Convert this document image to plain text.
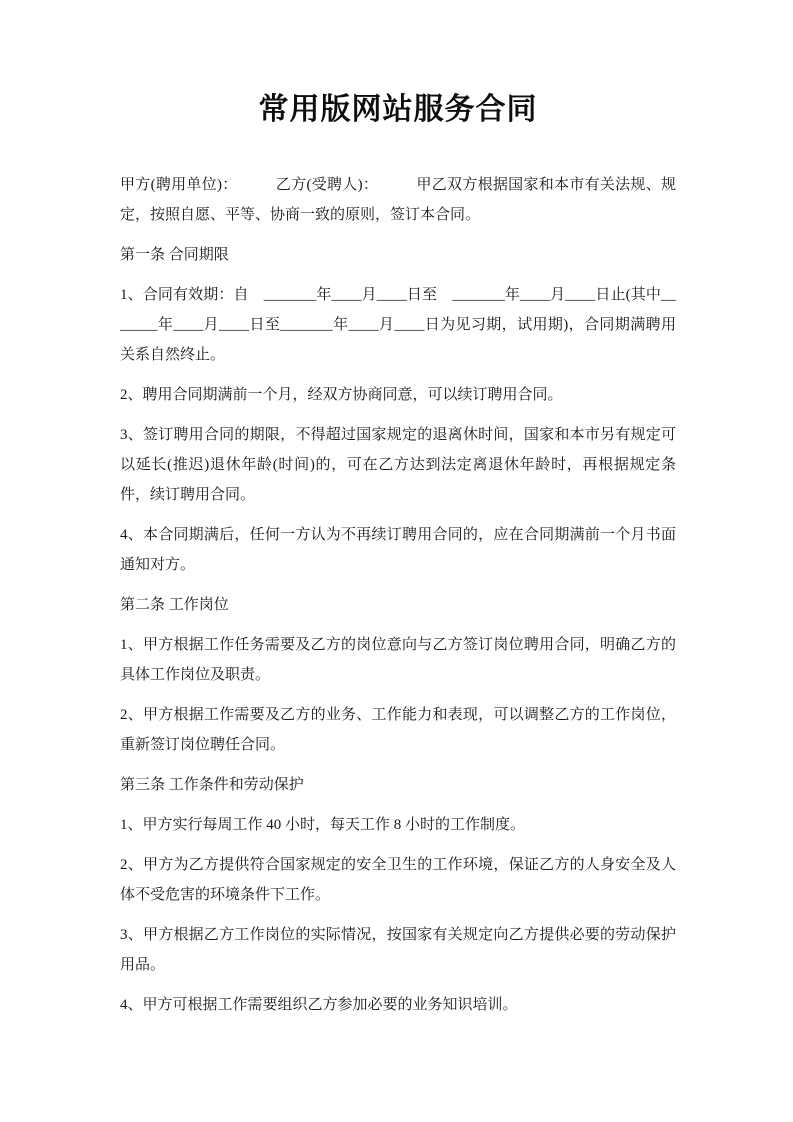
常用版网站服务合同

甲方(聘用单位)：　　　乙方(受聘人)：　　　甲乙双方根据国家和本市有关法规、规定，按照自愿、平等、协商一致的原则，签订本合同。

第一条 合同期限

1、合同有效期：自　_______年____月____日至　_______年____月____日止(其中_______年____月____日至_______年____月____日为见习期，试用期)，合同期满聘用关系自然终止。

2、聘用合同期满前一个月，经双方协商同意，可以续订聘用合同。

3、签订聘用合同的期限，不得超过国家规定的退离休时间，国家和本市另有规定可以延长(推迟)退休年龄(时间)的，可在乙方达到法定离退休年龄时，再根据规定条件，续订聘用合同。

4、本合同期满后，任何一方认为不再续订聘用合同的，应在合同期满前一个月书面通知对方。

第二条 工作岗位

1、甲方根据工作任务需要及乙方的岗位意向与乙方签订岗位聘用合同，明确乙方的具体工作岗位及职责。

2、甲方根据工作需要及乙方的业务、工作能力和表现，可以调整乙方的工作岗位，重新签订岗位聘任合同。

第三条 工作条件和劳动保护

1、甲方实行每周工作 40 小时，每天工作 8 小时的工作制度。

2、甲方为乙方提供符合国家规定的安全卫生的工作环境，保证乙方的人身安全及人体不受危害的环境条件下工作。

3、甲方根据乙方工作岗位的实际情况，按国家有关规定向乙方提供必要的劳动保护用品。

4、甲方可根据工作需要组织乙方参加必要的业务知识培训。
